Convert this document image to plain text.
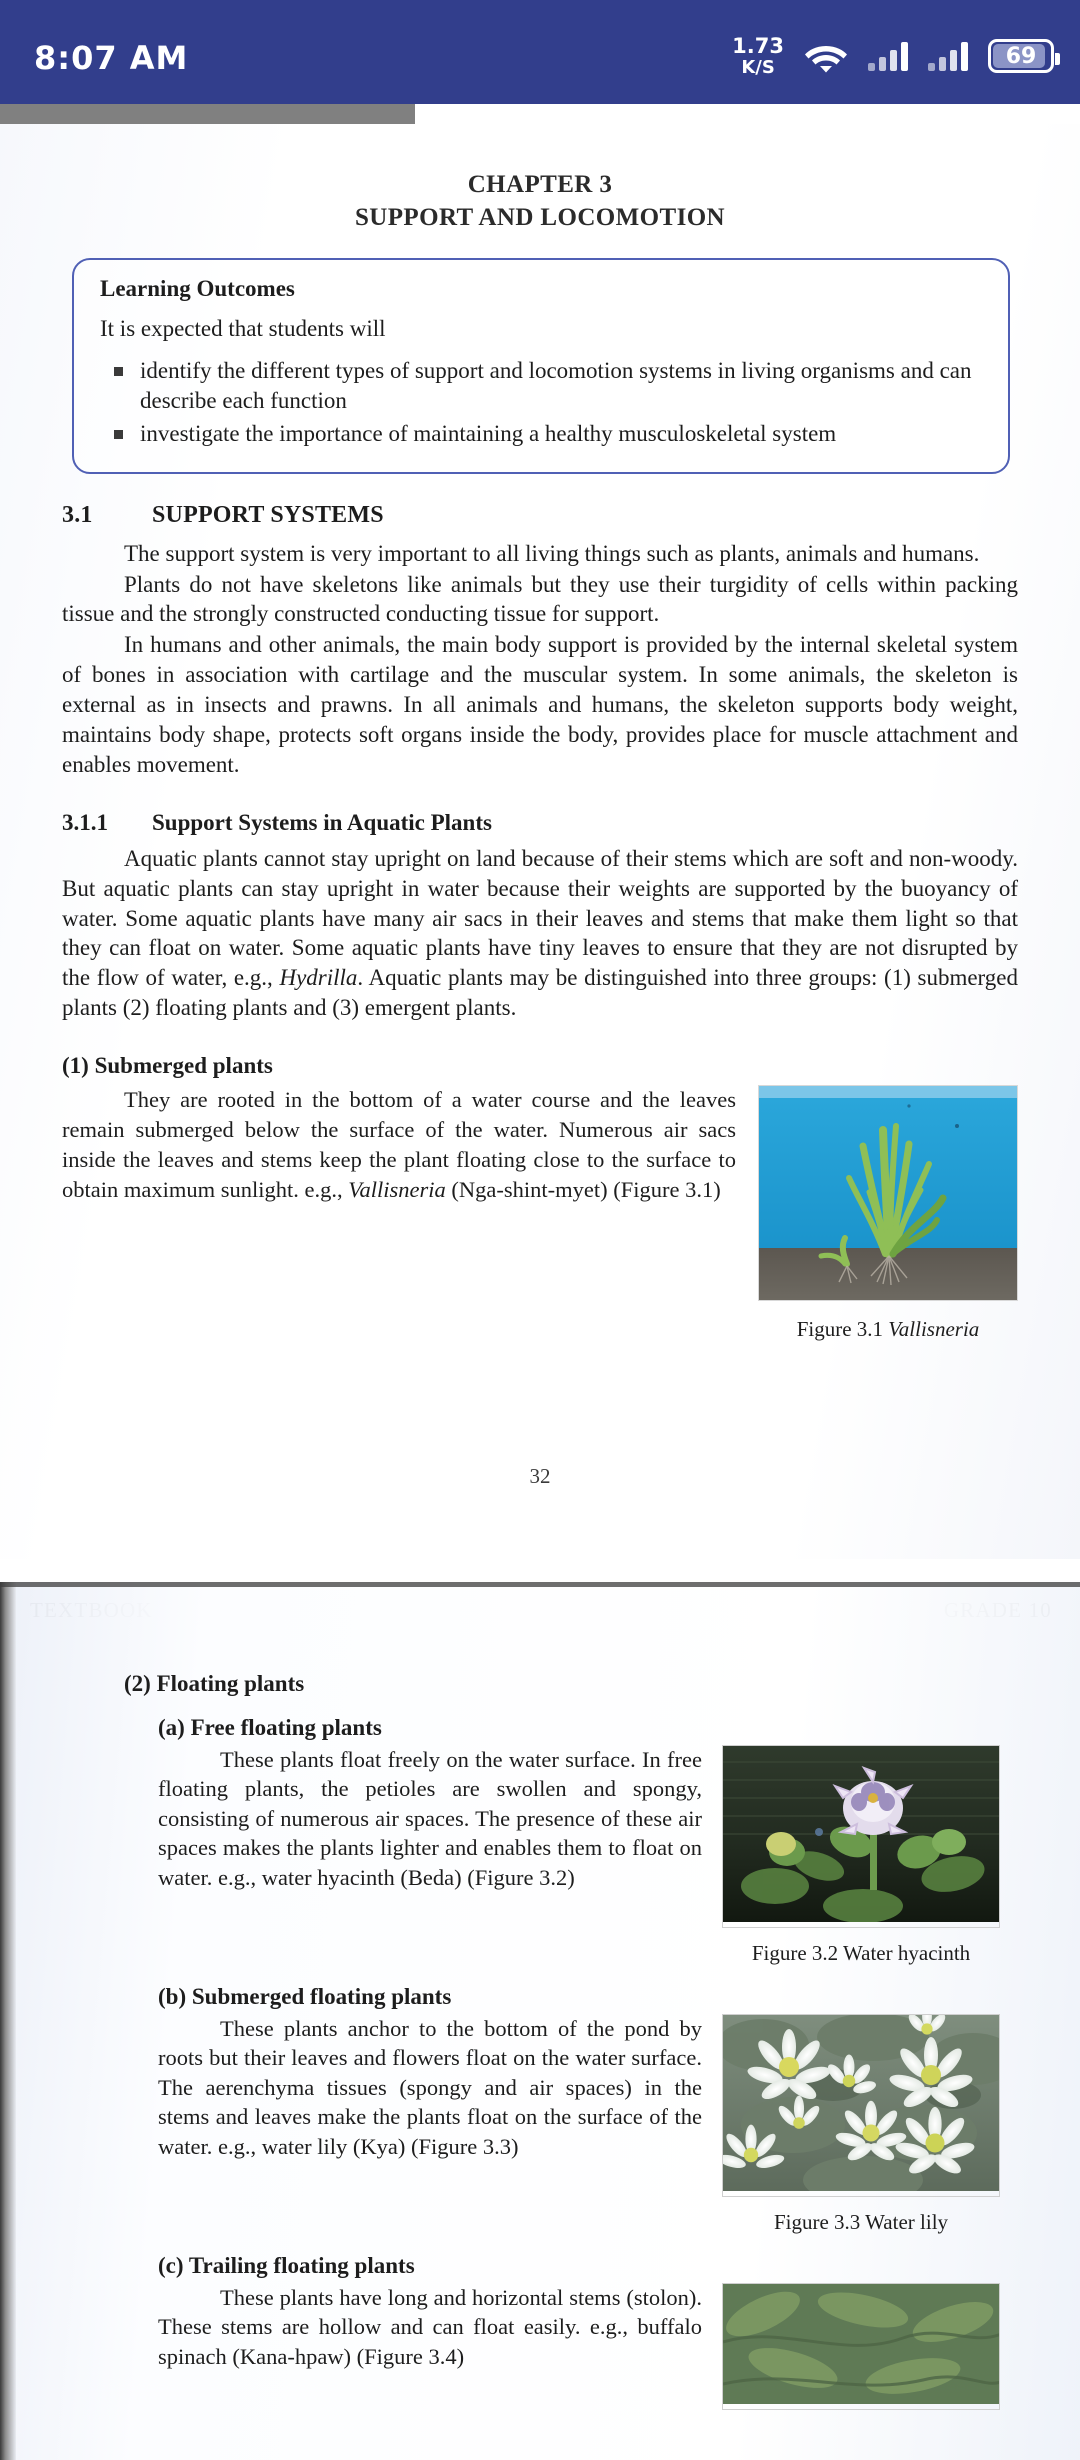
8:07 AM	1.73
K/S	69
CHAPTER 3
SUPPORT AND LOCOMOTION
Learning Outcomes
It is expected that students will
identify the different types of support and locomotion systems in living organisms and can describe each function
investigate the importance of maintaining a healthy musculoskeletal system
3.1 SUPPORT SYSTEMS

The support system is very important to all living things such as plants, animals and humans.

Plants do not have skeletons like animals but they use their turgidity of cells within packing tissue and the strongly constructed conducting tissue for support.

In humans and other animals, the main body support is provided by the internal skeletal system of bones in association with cartilage and the muscular system. In some animals, the skeleton is external as in insects and prawns. In all animals and humans, the skeleton supports body weight, maintains body shape, protects soft organs inside the body, provides place for muscle attachment and enables movement.

3.1.1 Support Systems in Aquatic Plants

Aquatic plants cannot stay upright on land because of their stems which are soft and non-woody. But aquatic plants can stay upright in water because their weights are supported by the buoyancy of water. Some aquatic plants have many air sacs in their leaves and stems that make them light so that they can float on water. Some aquatic plants have tiny leaves to ensure that they are not disrupted by the flow of water, e.g., Hydrilla. Aquatic plants may be distinguished into three groups: (1) submerged plants (2) floating plants and (3) emergent plants.

(1) Submerged plants

They are rooted in the bottom of a water course and the leaves remain submerged below the surface of the water. Numerous air sacs inside the leaves and stems keep the plant floating close to the surface to obtain maximum sunlight. e.g., Vallisneria (Nga-shint-myet) (Figure 3.1)

Figure 3.1 Vallisneria
32
(2) Floating plants
(a) Free floating plants

These plants float freely on the water surface. In free floating plants, the petioles are swollen and spongy, consisting of numerous air spaces. The presence of these air spaces makes the plants lighter and enables them to float on water. e.g., water hyacinth (Beda) (Figure 3.2)

Figure 3.2 Water hyacinth
(b) Submerged floating plants

These plants anchor to the bottom of the pond by roots but their leaves and flowers float on the water surface. The aerenchyma tissues (spongy and air spaces) in the stems and leaves make the plants float on the surface of the water. e.g., water lily (Kya) (Figure 3.3)

Figure 3.3 Water lily
(c) Trailing floating plants

These plants have long and horizontal stems (stolon). These stems are hollow and can float easily. e.g., buffalo spinach (Kana-hpaw) (Figure 3.4)
